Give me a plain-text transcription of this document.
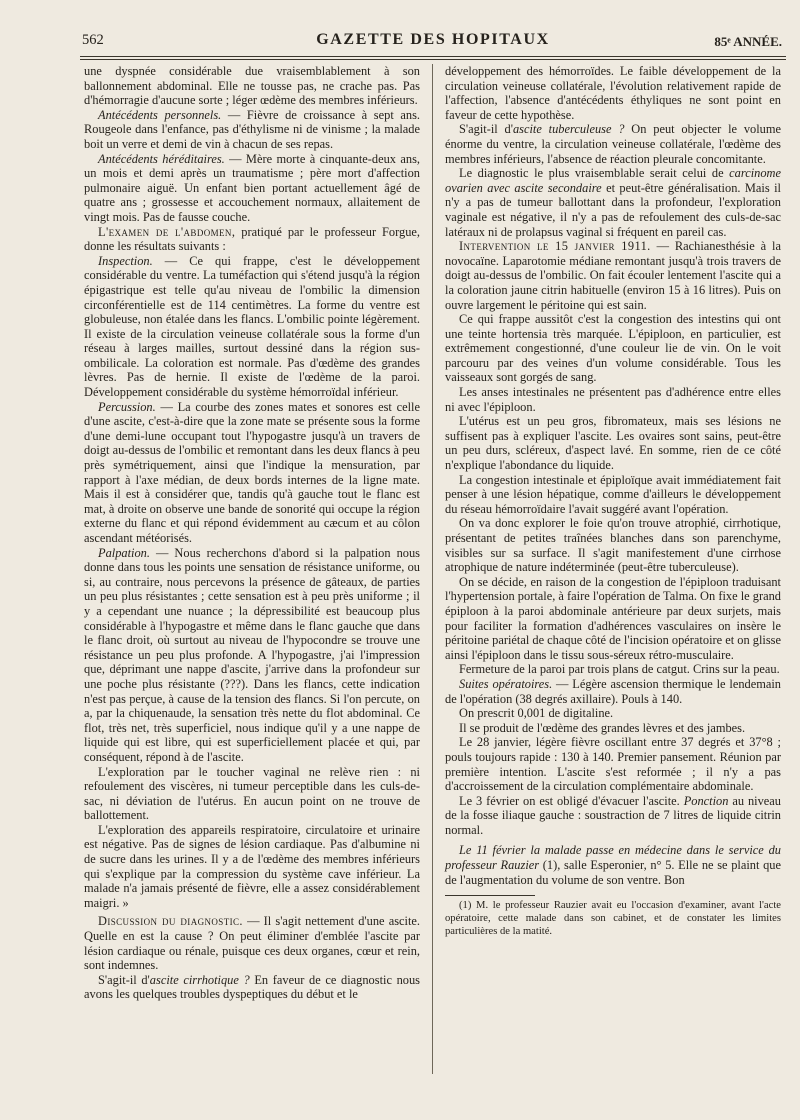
562	GAZETTE DES HOPITAUX	85ᵉ ANNÉE.

une dyspnée considérable due vraisemblablement à son ballonnement abdominal. Elle ne tousse pas, ne crache pas. Pas d'hémorragie d'aucune sorte ; léger œdème des membres inférieurs.

Antécédents personnels. — Fièvre de croissance à sept ans. Rougeole dans l'enfance, pas d'éthylisme ni de vinisme ; la malade boit un verre et demi de vin à chacun de ses repas.

Antécédents héréditaires. — Mère morte à cinquante-deux ans, un mois et demi après un traumatisme ; père mort d'affection pulmonaire aiguë. Un enfant bien portant actuellement âgé de quatre ans ; grossesse et accouchement normaux, allaitement de vingt mois. Pas de fausse couche.

L'examen de l'abdomen, pratiqué par le professeur Forgue, donne les résultats suivants :

Inspection. — Ce qui frappe, c'est le développement considérable du ventre. La tuméfaction qui s'étend jusqu'à la région épigastrique est telle qu'au niveau de l'ombilic la dimension circonférentielle est de 114 centimètres. La forme du ventre est globuleuse, non étalée dans les flancs. L'ombilic pointe légèrement. Il existe de la circulation veineuse collatérale sous la forme d'un réseau à larges mailles, surtout dessiné dans la région sus-ombilicale. La coloration est normale. Pas d'œdème des grandes lèvres. Pas de hernie. Il existe de l'œdème de la paroi. Développement considérable du système hémorroïdal inférieur.

Percussion. — La courbe des zones mates et sonores est celle d'une ascite, c'est-à-dire que la zone mate se présente sous la forme d'une demi-lune occupant tout l'hypogastre jusqu'à un travers de doigt au-dessus de l'ombilic et remontant dans les deux flancs à peu près symétriquement, ainsi que l'indique la mensuration, par rapport à l'axe médian, de deux bords internes de la ligne mate. Mais il est à considérer que, tandis qu'à gauche tout le flanc est mat, à droite on observe une bande de sonorité qui occupe la région externe du flanc et qui répond évidemment au cæcum et au côlon ascendant météorisés.

Palpation. — Nous recherchons d'abord si la palpation nous donne dans tous les points une sensation de résistance uniforme, ou si, au contraire, nous percevons la présence de gâteaux, de parties un peu plus résistantes ; cette sensation est à peu près uniforme ; il y a cependant une nuance ; la dépressibilité est beaucoup plus considérable à l'hypogastre et même dans le flanc gauche que dans le flanc droit, où surtout au niveau de l'hypocondre se trouve une résistance un peu plus profonde. A l'hypogastre, j'ai l'impression que, déprimant une nappe d'ascite, j'arrive dans la profondeur sur une poche plus résistante (???). Dans les flancs, cette indication n'est pas perçue, à cause de la tension des flancs. Si l'on percute, on a, par la chiquenaude, la sensation très nette du flot abdominal. Ce flot, très net, très superficiel, nous indique qu'il y a une nappe de liquide qui est libre, qui est superficiellement placée et qui, par conséquent, répond à de l'ascite.

L'exploration par le toucher vaginal ne relève rien : ni refoulement des viscères, ni tumeur perceptible dans les culs-de-sac, ni déviation de l'utérus. En aucun point on ne trouve de ballottement.

L'exploration des appareils respiratoire, circulatoire et urinaire est négative. Pas de signes de lésion cardiaque. Pas d'albumine ni de sucre dans les urines. Il y a de l'œdème des membres inférieurs qui s'explique par la compression du système cave inférieur. La malade n'a jamais présenté de fièvre, elle a assez considérablement maigri. »

Discussion du diagnostic. — Il s'agit nettement d'une ascite. Quelle en est la cause ? On peut éliminer d'emblée l'ascite par lésion cardiaque ou rénale, puisque ces deux organes, cœur et rein, sont indemnes.

S'agit-il d'ascite cirrhotique ? En faveur de ce diagnostic nous avons les quelques troubles dyspeptiques du début et le

développement des hémorroïdes. Le faible développement de la circulation veineuse collatérale, l'évolution relativement rapide de l'affection, l'absence d'antécédents éthyliques ne sont point en faveur de cette hypothèse.

S'agit-il d'ascite tuberculeuse ? On peut objecter le volume énorme du ventre, la circulation veineuse collatérale, l'œdème des membres inférieurs, l'absence de réaction pleurale concomitante.

Le diagnostic le plus vraisemblable serait celui de carcinome ovarien avec ascite secondaire et peut-être généralisation. Mais il n'y a pas de tumeur ballottant dans la profondeur, l'exploration vaginale est négative, il n'y a pas de refoulement des culs-de-sac latéraux ni de prolapsus vaginal si fréquent en pareil cas.

Intervention le 15 janvier 1911. — Rachianesthésie à la novocaïne. Laparotomie médiane remontant jusqu'à trois travers de doigt au-dessus de l'ombilic. On fait écouler lentement l'ascite qui a la coloration jaune citrin habituelle (environ 15 à 16 litres). Puis on ouvre largement le péritoine qui est sain.

Ce qui frappe aussitôt c'est la congestion des intestins qui ont une teinte hortensia très marquée. L'épiploon, en particulier, est extrêmement congestionné, d'une couleur lie de vin. On le voit parcouru par des veines d'un volume considérable. Tous les vaisseaux sont gorgés de sang.

Les anses intestinales ne présentent pas d'adhérence entre elles ni avec l'épiploon.

L'utérus est un peu gros, fibromateux, mais ses lésions ne suffisent pas à expliquer l'ascite. Les ovaires sont sains, peut-être un peu durs, scléreux, d'aspect lavé. En somme, rien de ce côté n'explique l'abondance du liquide.

La congestion intestinale et épiploïque avait immédiatement fait penser à une lésion hépatique, comme d'ailleurs le développement du réseau hémorroïdaire l'avait suggéré avant l'opération.

On va donc explorer le foie qu'on trouve atrophié, cirrhotique, présentant de petites traînées blanches dans son parenchyme, visibles sur sa surface. Il s'agit manifestement d'une cirrhose atrophique de nature indéterminée (peut-être tuberculeuse).

On se décide, en raison de la congestion de l'épiploon traduisant l'hypertension portale, à faire l'opération de Talma. On fixe le grand épiploon à la paroi abdominale antérieure par deux surjets, mais pour faciliter la formation d'adhérences vasculaires on insère le péritoine pariétal de chaque côté de l'incision opératoire et on glisse ainsi l'épiploon dans le tissu sous-séreux rétro-musculaire.

Fermeture de la paroi par trois plans de catgut. Crins sur la peau.

Suites opératoires. — Légère ascension thermique le lendemain de l'opération (38 degrés axillaire). Pouls à 140.

On prescrit 0,001 de digitaline.

Il se produit de l'œdème des grandes lèvres et des jambes.

Le 28 janvier, légère fièvre oscillant entre 37 degrés et 37°8 ; pouls toujours rapide : 130 à 140. Premier pansement. Réunion par première intention. L'ascite s'est reformée ; il n'y a pas d'accroissement de la circulation complémentaire abdominale.

Le 3 février on est obligé d'évacuer l'ascite. Ponction au niveau de la fosse iliaque gauche : soustraction de 7 litres de liquide citrin normal.

Le 11 février la malade passe en médecine dans le service du professeur Rauzier (1), salle Esperonier, n° 5. Elle ne se plaint que de l'augmentation du volume de son ventre. Bon

(1) M. le professeur Rauzier avait eu l'occasion d'examiner, avant l'acte opératoire, cette malade dans son cabinet, et de constater les limites particulières de la matité.
